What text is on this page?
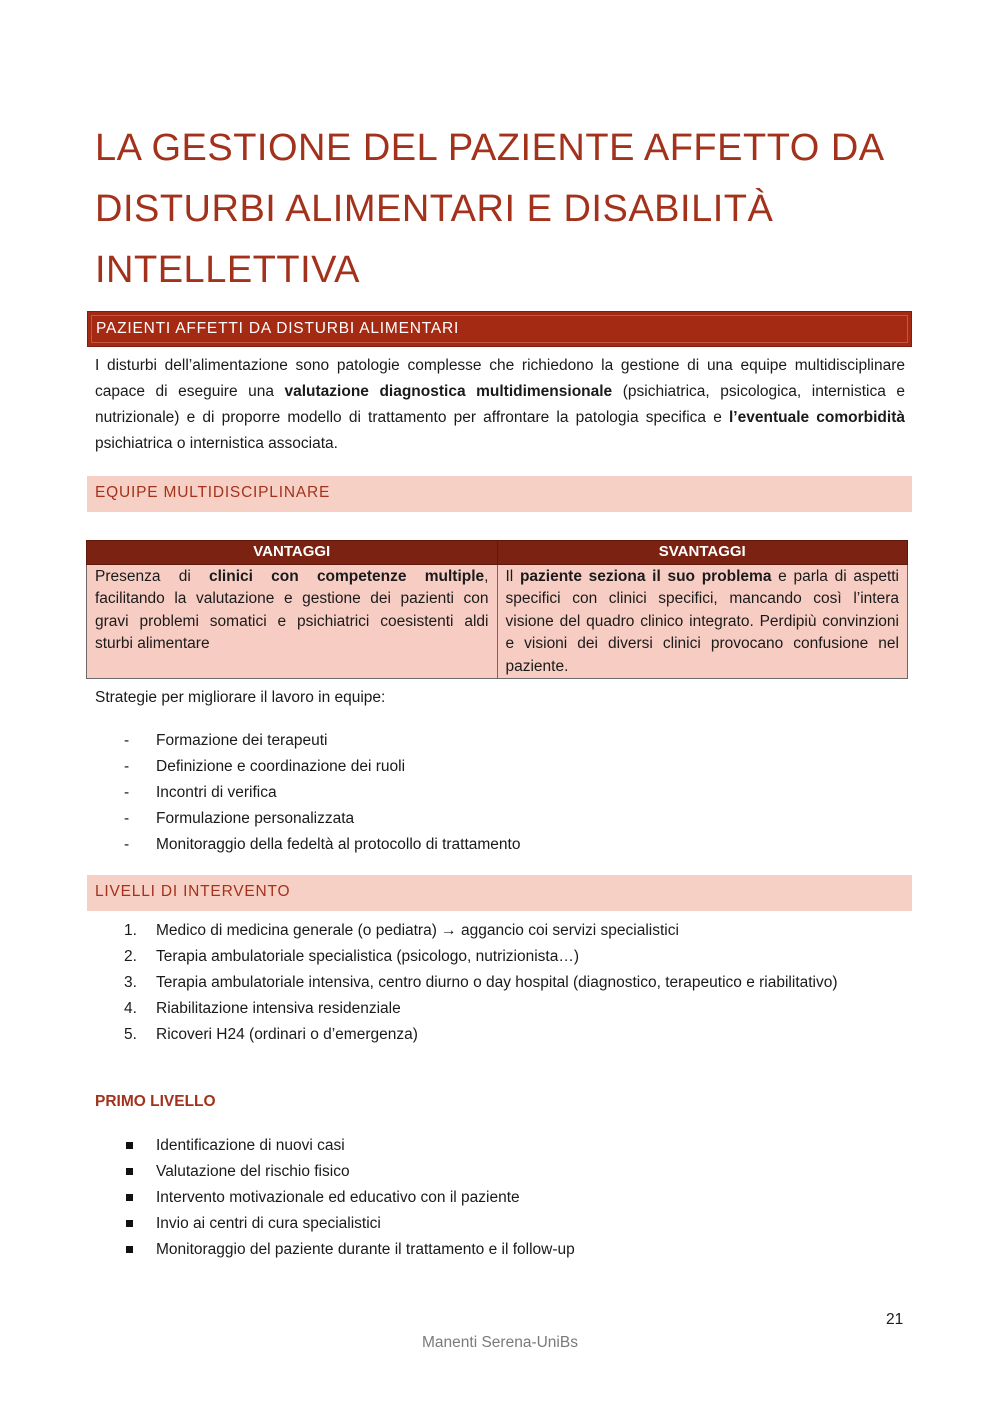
LA GESTIONE DEL PAZIENTE AFFETTO DA
DISTURBI ALIMENTARI E DISABILITÀ
INTELLETTIVA
PAZIENTI AFFETTI DA DISTURBI ALIMENTARI

I disturbi dell’alimentazione sono patologie complesse che richiedono la gestione di una equipe multidisciplinare capace di eseguire una valutazione diagnostica multidimensionale (psichiatrica, psicologica, internistica e nutrizionale) e di proporre modello di trattamento per affrontare la patologia specifica e l’eventuale comorbidità psichiatrica o internistica associata.

EQUIPE MULTIDISCIPLINARE
VANTAGGI	SVANTAGGI
Presenza di clinici con competenze multiple, facilitando la valutazione e gestione dei pazienti con gravi problemi somatici e psichiatrici coesistenti aldi sturbi alimentare	Il paziente seziona il suo problema e parla di aspetti specifici con clinici specifici, mancando così l’intera visione del quadro clinico integrato. Perdipiù convinzioni e visioni dei diversi clinici provocano confusione nel paziente.

Strategie per migliorare il lavoro in equipe:

- Formazione dei terapeuti
- Definizione e coordinazione dei ruoli
- Incontri di verifica
- Formulazione personalizzata
- Monitoraggio della fedeltà al protocollo di trattamento
LIVELLI DI INTERVENTO
1. Medico di medicina generale (o pediatra) → aggancio coi servizi specialistici
2. Terapia ambulatoriale specialistica (psicologo, nutrizionista…)
3. Terapia ambulatoriale intensiva, centro diurno o day hospital (diagnostico, terapeutico e riabilitativo)
4. Riabilitazione intensiva residenziale
5. Ricoveri H24 (ordinari o d’emergenza)
PRIMO LIVELLO
Identificazione di nuovi casi
Valutazione del rischio fisico
Intervento motivazionale ed educativo con il paziente
Invio ai centri di cura specialistici
Monitoraggio del paziente durante il trattamento e il follow-up
21
Manenti Serena-UniBs
